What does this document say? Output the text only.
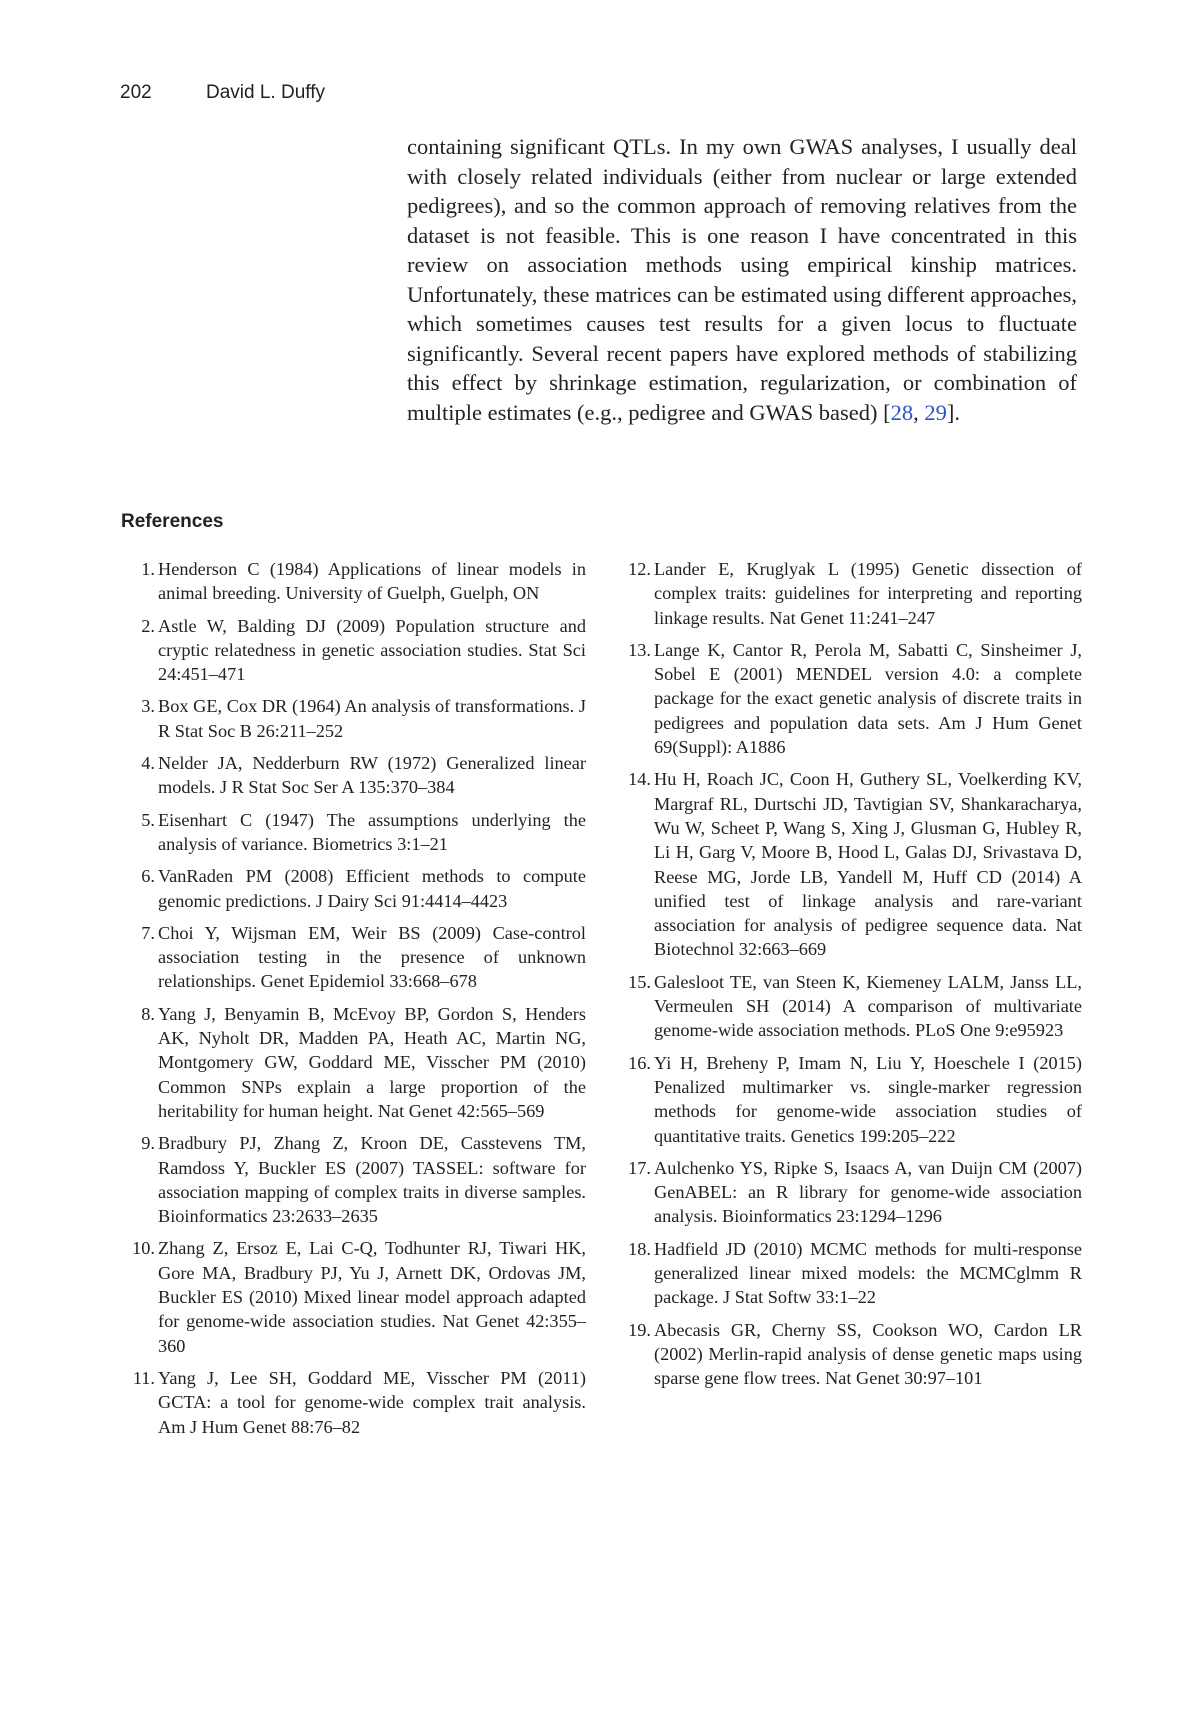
202	David L. Duffy

containing significant QTLs. In my own GWAS analyses, I usually deal with closely related individuals (either from nuclear or large extended pedigrees), and so the common approach of removing relatives from the dataset is not feasible. This is one reason I have concentrated in this review on association methods using empirical kinship matrices. Unfortunately, these matrices can be estimated using different approaches, which sometimes causes test results for a given locus to fluctuate significantly. Several recent papers have explored methods of stabilizing this effect by shrinkage estimation, regularization, or combination of multiple estimates (e.g., pedigree and GWAS based) [28, 29].

References

1. Henderson C (1984) Applications of linear models in animal breeding. University of Guelph, Guelph, ON

2. Astle W, Balding DJ (2009) Population structure and cryptic relatedness in genetic association studies. Stat Sci 24:451–471

3. Box GE, Cox DR (1964) An analysis of transformations. J R Stat Soc B 26:211–252

4. Nelder JA, Nedderburn RW (1972) Generalized linear models. J R Stat Soc Ser A 135:370–384

5. Eisenhart C (1947) The assumptions underlying the analysis of variance. Biometrics 3:1–21

6. VanRaden PM (2008) Efficient methods to compute genomic predictions. J Dairy Sci 91:4414–4423

7. Choi Y, Wijsman EM, Weir BS (2009) Case-control association testing in the presence of unknown relationships. Genet Epidemiol 33:668–678

8. Yang J, Benyamin B, McEvoy BP, Gordon S, Henders AK, Nyholt DR, Madden PA, Heath AC, Martin NG, Montgomery GW, Goddard ME, Visscher PM (2010) Common SNPs explain a large proportion of the heritability for human height. Nat Genet 42:565–569

9. Bradbury PJ, Zhang Z, Kroon DE, Casstevens TM, Ramdoss Y, Buckler ES (2007) TASSEL: software for association mapping of complex traits in diverse samples. Bioinformatics 23:2633–2635

10. Zhang Z, Ersoz E, Lai C-Q, Todhunter RJ, Tiwari HK, Gore MA, Bradbury PJ, Yu J, Arnett DK, Ordovas JM, Buckler ES (2010) Mixed linear model approach adapted for genome-wide association studies. Nat Genet 42:355–360

11. Yang J, Lee SH, Goddard ME, Visscher PM (2011) GCTA: a tool for genome-wide complex trait analysis. Am J Hum Genet 88:76–82

12. Lander E, Kruglyak L (1995) Genetic dissection of complex traits: guidelines for interpreting and reporting linkage results. Nat Genet 11:241–247

13. Lange K, Cantor R, Perola M, Sabatti C, Sinsheimer J, Sobel E (2001) MENDEL version 4.0: a complete package for the exact genetic analysis of discrete traits in pedigrees and population data sets. Am J Hum Genet 69(Suppl): A1886

14. Hu H, Roach JC, Coon H, Guthery SL, Voelkerding KV, Margraf RL, Durtschi JD, Tavtigian SV, Shankaracharya, Wu W, Scheet P, Wang S, Xing J, Glusman G, Hubley R, Li H, Garg V, Moore B, Hood L, Galas DJ, Srivastava D, Reese MG, Jorde LB, Yandell M, Huff CD (2014) A unified test of linkage analysis and rare-variant association for analysis of pedigree sequence data. Nat Biotechnol 32:663–669

15. Galesloot TE, van Steen K, Kiemeney LALM, Janss LL, Vermeulen SH (2014) A comparison of multivariate genome-wide association methods. PLoS One 9:e95923

16. Yi H, Breheny P, Imam N, Liu Y, Hoeschele I (2015) Penalized multimarker vs. single-marker regression methods for genome-wide association studies of quantitative traits. Genetics 199:205–222

17. Aulchenko YS, Ripke S, Isaacs A, van Duijn CM (2007) GenABEL: an R library for genome-wide association analysis. Bioinformatics 23:1294–1296

18. Hadfield JD (2010) MCMC methods for multi-response generalized linear mixed models: the MCMCglmm R package. J Stat Softw 33:1–22

19. Abecasis GR, Cherny SS, Cookson WO, Cardon LR (2002) Merlin-rapid analysis of dense genetic maps using sparse gene flow trees. Nat Genet 30:97–101
